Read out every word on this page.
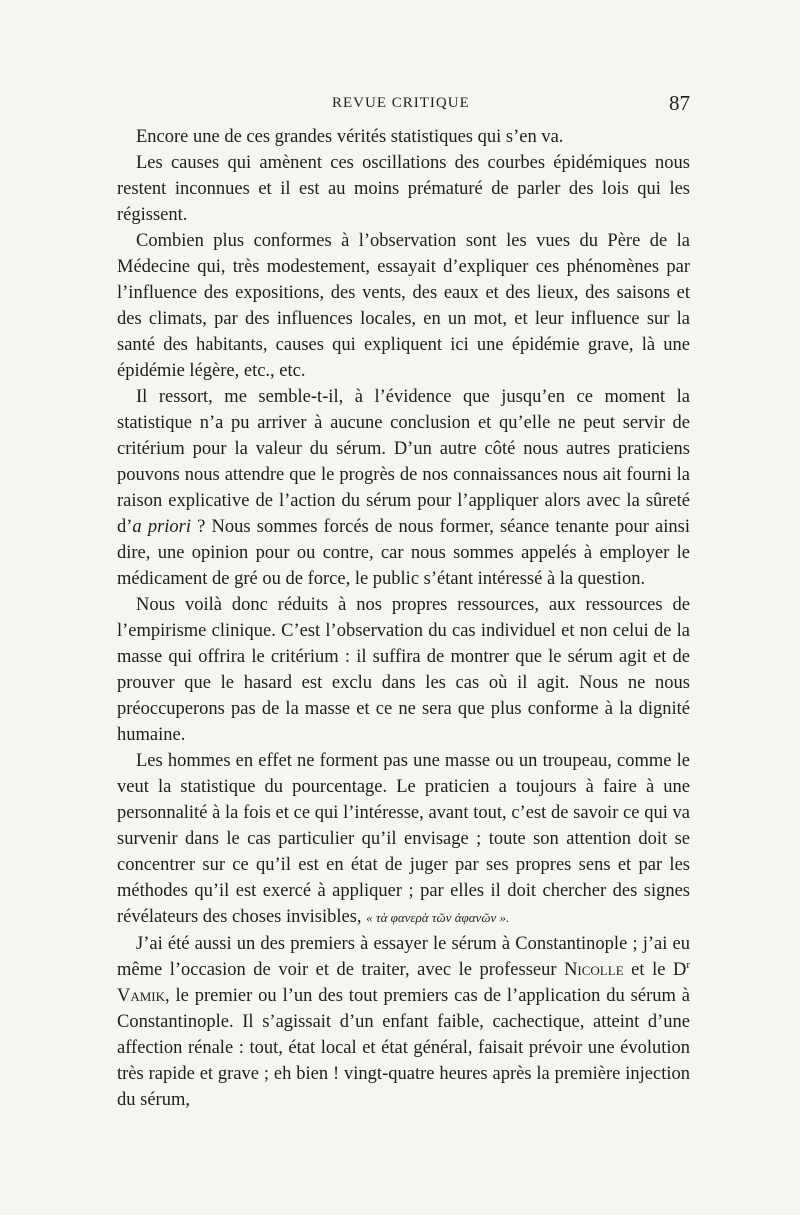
REVUE CRITIQUE	87

Encore une de ces grandes vérités statistiques qui s’en va.

Les causes qui amènent ces oscillations des courbes épidémiques nous restent inconnues et il est au moins prématuré de parler des lois qui les régissent.

Combien plus conformes à l’observation sont les vues du Père de la Médecine qui, très modestement, essayait d’expliquer ces phénomènes par l’influence des expositions, des vents, des eaux et des lieux, des saisons et des climats, par des influences locales, en un mot, et leur influence sur la santé des habitants, causes qui expliquent ici une épidémie grave, là une épidémie légère, etc., etc.

Il ressort, me semble-t-il, à l’évidence que jusqu’en ce moment la statistique n’a pu arriver à aucune conclusion et qu’elle ne peut servir de critérium pour la valeur du sérum. D’un autre côté nous autres praticiens pouvons nous attendre que le progrès de nos connaissances nous ait fourni la raison explicative de l’action du sérum pour l’appliquer alors avec la sûreté d’a priori ? Nous sommes forcés de nous former, séance tenante pour ainsi dire, une opinion pour ou contre, car nous sommes appelés à employer le médicament de gré ou de force, le public s’étant intéressé à la question.

Nous voilà donc réduits à nos propres ressources, aux ressources de l’empirisme clinique. C’est l’observation du cas individuel et non celui de la masse qui offrira le critérium : il suffira de montrer que le sérum agit et de prouver que le hasard est exclu dans les cas où il agit. Nous ne nous préoccuperons pas de la masse et ce ne sera que plus conforme à la dignité humaine.

Les hommes en effet ne forment pas une masse ou un troupeau, comme le veut la statistique du pourcentage. Le praticien a toujours à faire à une personnalité à la fois et ce qui l’intéresse, avant tout, c’est de savoir ce qui va survenir dans le cas particulier qu’il envisage ; toute son attention doit se concentrer sur ce qu’il est en état de juger par ses propres sens et par les méthodes qu’il est exercé à appliquer ; par elles il doit chercher des signes révélateurs des choses invisibles, « τὰ φανερὰ τῶν ἀφανῶν ».

J’ai été aussi un des premiers à essayer le sérum à Constantinople ; j’ai eu même l’occasion de voir et de traiter, avec le professeur Nicolle et le $D^r$ Vamik, le premier ou l’un des tout premiers cas de l’application du sérum à Constantinople. Il s’agissait d’un enfant faible, cachectique, atteint d’une affection rénale : tout, état local et état général, faisait prévoir une évolution très rapide et grave ; eh bien ! vingt-quatre heures après la première injection du sérum,
